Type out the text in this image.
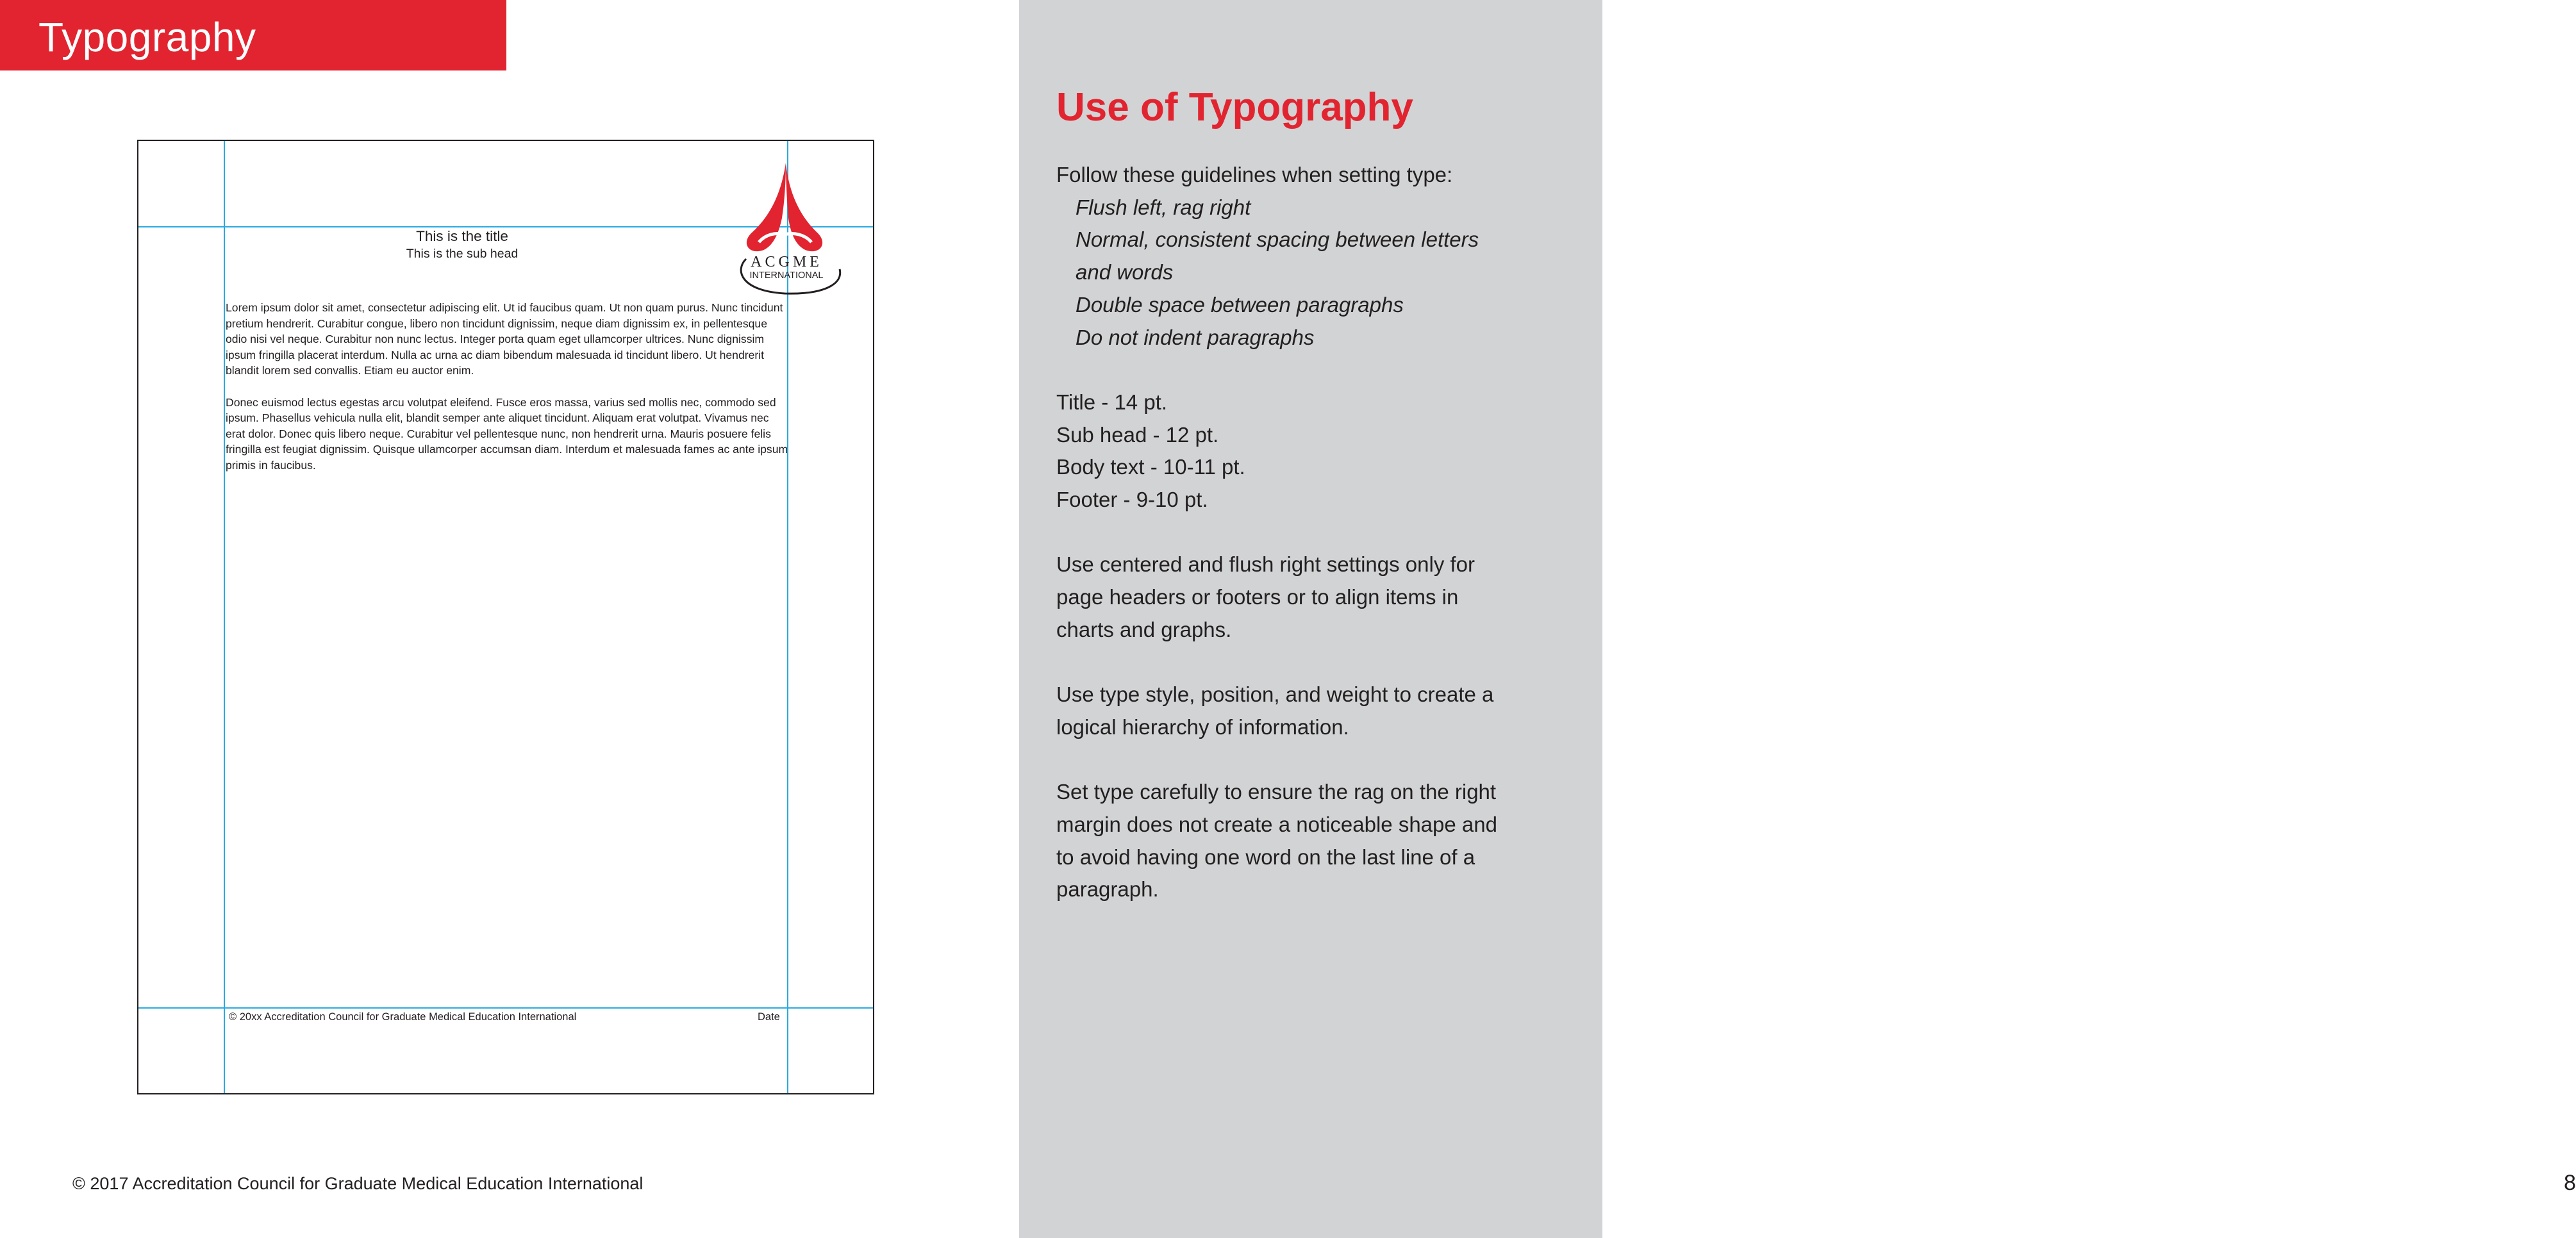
Typography
This is the title
This is the sub head	ACGME
INTERNATIONAL

Lorem ipsum dolor sit amet, consectetur adipiscing elit. Ut id faucibus quam. Ut non quam purus. Nunc tincidunt pretium hendrerit. Curabitur congue, libero non tincidunt dignissim, neque diam dignissim ex, in pellentesque odio nisi vel neque. Curabitur non nunc lectus. Integer porta quam eget ullamcorper ultrices. Nunc dignissim ipsum fringilla placerat interdum. Nulla ac urna ac diam bibendum malesuada id tincidunt libero. Ut hendrerit blandit lorem sed convallis. Etiam eu auctor enim.

Donec euismod lectus egestas arcu volutpat eleifend. Fusce eros massa, varius sed mollis nec, commodo sed ipsum. Phasellus vehicula nulla elit, blandit semper ante aliquet tincidunt. Aliquam erat volutpat. Vivamus nec erat dolor. Donec quis libero neque. Curabitur vel pellentesque nunc, non hendrerit urna. Mauris posuere felis fringilla est feugiat dignissim. Quisque ullamcorper accumsan diam. Interdum et malesuada fames ac ante ipsum primis in faucibus.

© 20xx Accreditation Council for Graduate Medical Education International	Date
Use of Typography

Follow these guidelines when setting type:

Flush left, rag right

Normal, consistent spacing between letters

and words

Double space between paragraphs

Do not indent paragraphs

Title - 14 pt.

Sub head - 12 pt.

Body text - 10-11 pt.

Footer - 9-10 pt.

Use centered and flush right settings only for

page headers or footers or to align items in

charts and graphs.

Use type style, position, and weight to create a

logical hierarchy of information.

Set type carefully to ensure the rag on the right

margin does not create a noticeable shape and

to avoid having one word on the last line of a

paragraph.

8
© 2017 Accreditation Council for Graduate Medical Education International
